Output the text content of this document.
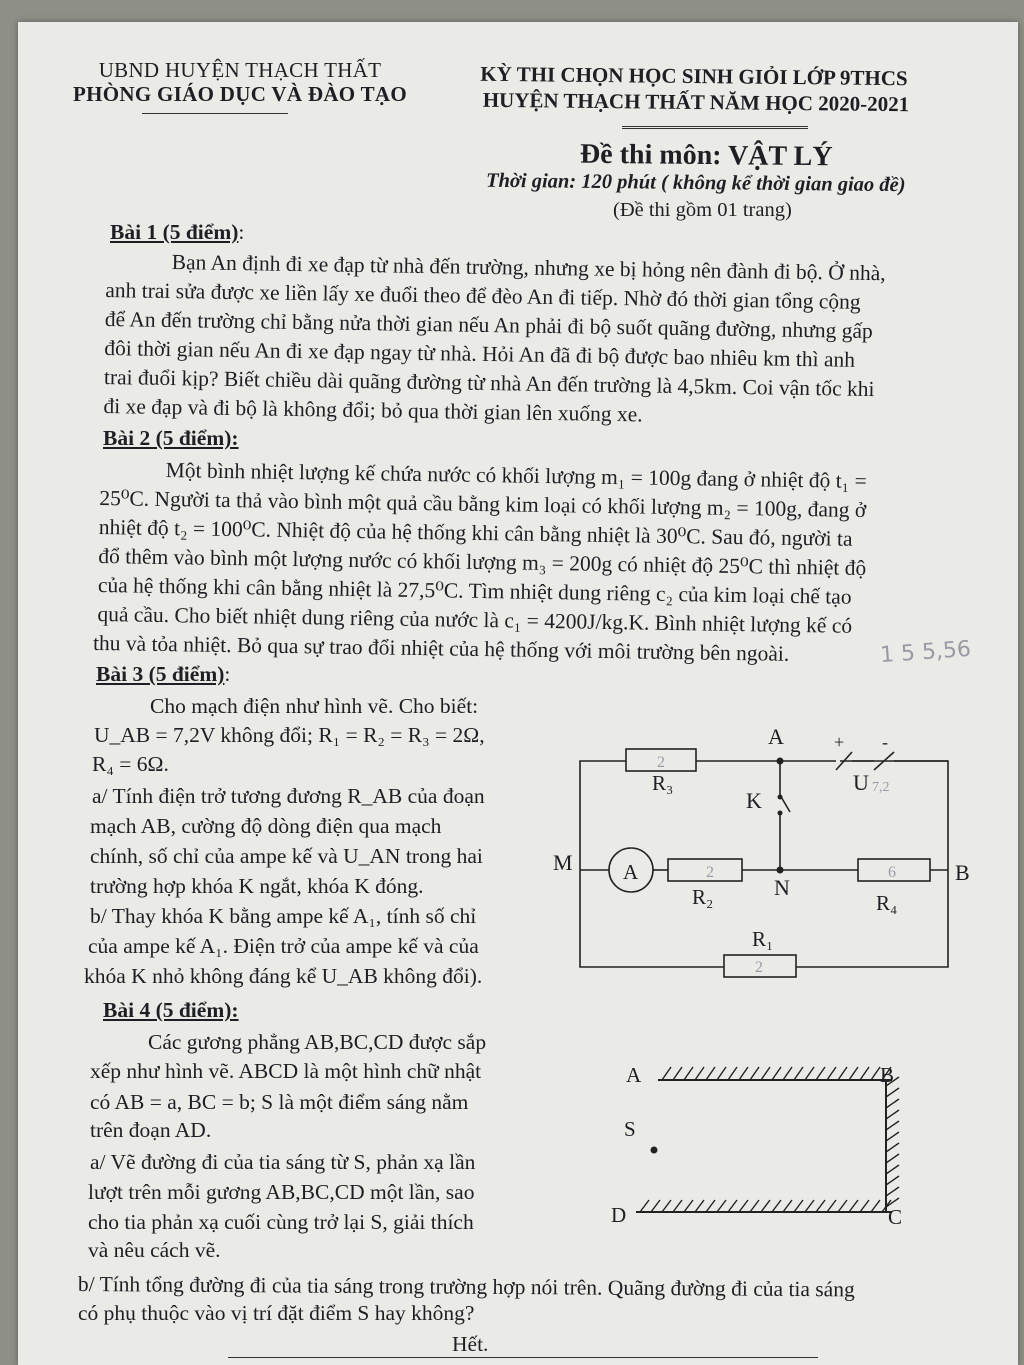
UBND HUYỆN THẠCH THẤT
PHÒNG GIÁO DỤC VÀ ĐÀO TẠO
KỲ THI CHỌN HỌC SINH GIỎI LỚP 9THCS
HUYỆN THẠCH THẤT NĂM HỌC 2020-2021
Đề thi môn: VẬT LÝ
Thời gian: 120 phút ( không kể thời gian giao đề)
(Đề thi gồm 01 trang)
Bài 1 (5 điểm):
Bạn An định đi xe đạp từ nhà đến trường, nhưng xe bị hỏng nên đành đi bộ. Ở nhà,
anh trai sửa được xe liền lấy xe đuổi theo để đèo An đi tiếp. Nhờ đó thời gian tổng cộng
để An đến trường chỉ bằng nửa thời gian nếu An phải đi bộ suốt quãng đường, nhưng gấp
đôi thời gian nếu An đi xe đạp ngay từ nhà. Hỏi An đã đi bộ được bao nhiêu km thì anh
trai đuổi kịp? Biết chiều dài quãng đường từ nhà An đến trường là 4,5km. Coi vận tốc khi
đi xe đạp và đi bộ là không đổi; bỏ qua thời gian lên xuống xe.
Bài 2 (5 điểm):
Một bình nhiệt lượng kế chứa nước có khối lượng m₁ = 100g đang ở nhiệt độ t₁ =
25⁰C. Người ta thả vào bình một quả cầu bằng kim loại có khối lượng m₂ = 100g, đang ở
nhiệt độ t₂ = 100⁰C. Nhiệt độ của hệ thống khi cân bằng nhiệt là 30⁰C. Sau đó, người ta
đổ thêm vào bình một lượng nước có khối lượng m₃ = 200g có nhiệt độ 25⁰C thì nhiệt độ
của hệ thống khi cân bằng nhiệt là 27,5⁰C. Tìm nhiệt dung riêng c₂ của kim loại chế tạo
quả cầu. Cho biết nhiệt dung riêng của nước là c₁ = 4200J/kg.K. Bình nhiệt lượng kế có
thu và tỏa nhiệt. Bỏ qua sự trao đổi nhiệt của hệ thống với môi trường bên ngoài.	1 5 5,56
Bài 3 (5 điểm):
Cho mạch điện như hình vẽ. Cho biết:
U_AB = 7,2V không đổi; R₁ = R₂ = R₃ = 2Ω,
R₄ = 6Ω.
a/ Tính điện trở tương đương R_AB của đoạn
mạch AB, cường độ dòng điện qua mạch
chính, số chỉ của ampe kế và U_AN trong hai
trường hợp khóa K ngắt, khóa K đóng.
b/ Thay khóa K bằng ampe kế A₁, tính số chỉ
của ampe kế A₁. Điện trở của ampe kế và của
khóa K nhỏ không đáng kể U_AB không đổi).
A
K
M
N
B
R₃
R₂	R₄
R₁
U
A
+ -
2
2	6
2
7,2
A	B
C
D
S
Bài 4 (5 điểm):
Các gương phẳng AB,BC,CD được sắp
xếp như hình vẽ. ABCD là một hình chữ nhật
có AB = a, BC = b; S là một điểm sáng nằm
trên đoạn AD.
a/ Vẽ đường đi của tia sáng từ S, phản xạ lần
lượt trên mỗi gương AB,BC,CD một lần, sao
cho tia phản xạ cuối cùng trở lại S, giải thích
và nêu cách vẽ.
b/ Tính tổng đường đi của tia sáng trong trường hợp nói trên. Quãng đường đi của tia sáng
có phụ thuộc vào vị trí đặt điểm S hay không?
Hết.
